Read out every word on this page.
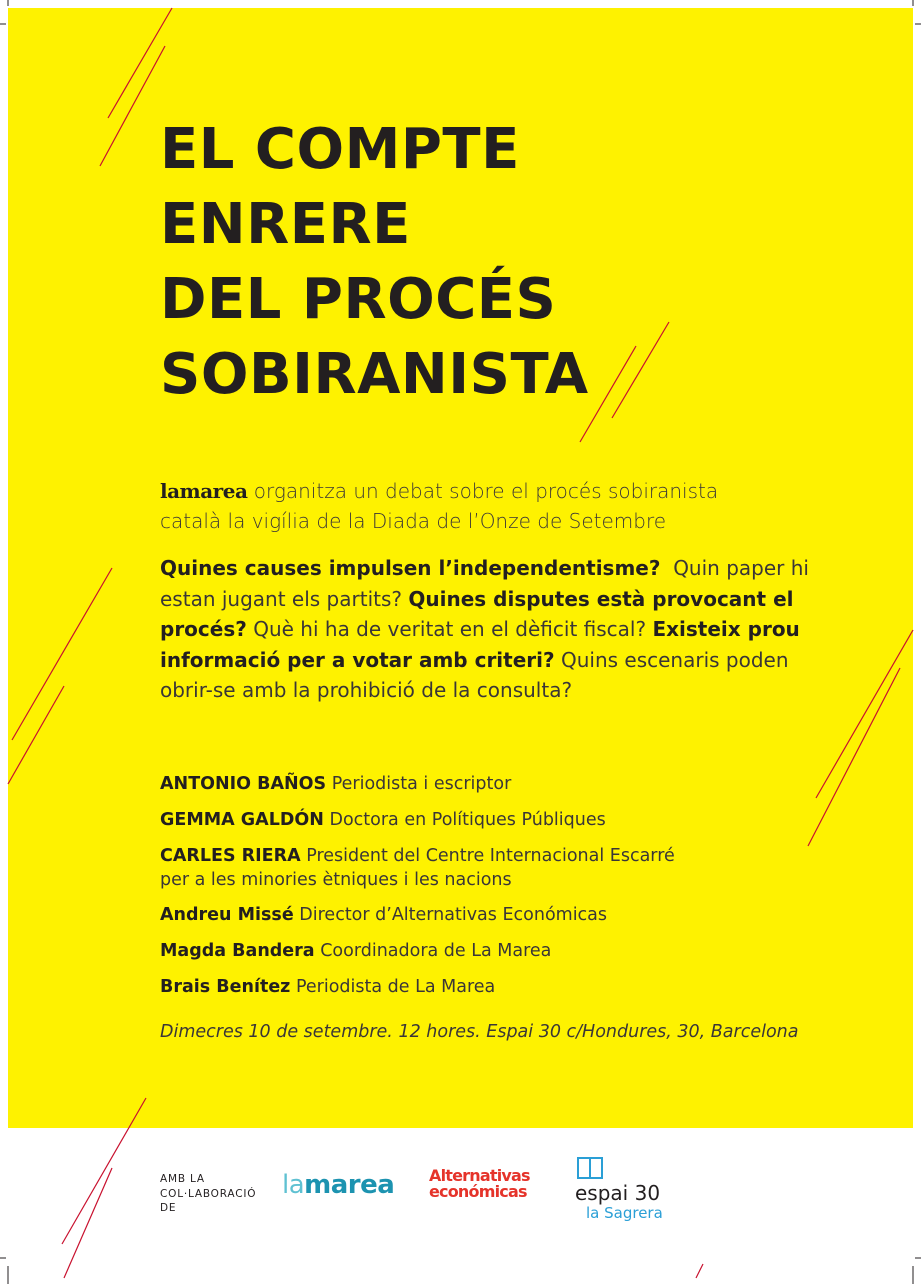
EL COMPTE
ENRERE
DEL PROCÉS
SOBIRANISTA
lamarea organitza un debat sobre el procés sobiranista
català la vigília de la Diada de l’Onze de Setembre
Quines causes impulsen l’independentisme? Quin paper hi estan jugant els partits? Quines disputes està provocant el procés? Què hi ha de veritat en el dèficit fiscal? Existeix prou informació per a votar amb criteri? Quins escenaris poden obrir-se amb la prohibició de la consulta?
ANTONIO BAÑOS Periodista i escriptor
GEMMA GALDÓN Doctora en Polítiques Públiques
CARLES RIERA President del Centre Internacional Escarré
per a les minories ètniques i les nacions
Andreu Missé Director d’Alternativas Económicas
Magda Bandera Coordinadora de La Marea
Brais Benítez Periodista de La Marea
Dimecres 10 de setembre. 12 hores. Espai 30 c/Hondures, 30, Barcelona
AMB LA
COL·LABORACIÓ
DE
lamarea Alternativas
económicas espai 30
la Sagrera
